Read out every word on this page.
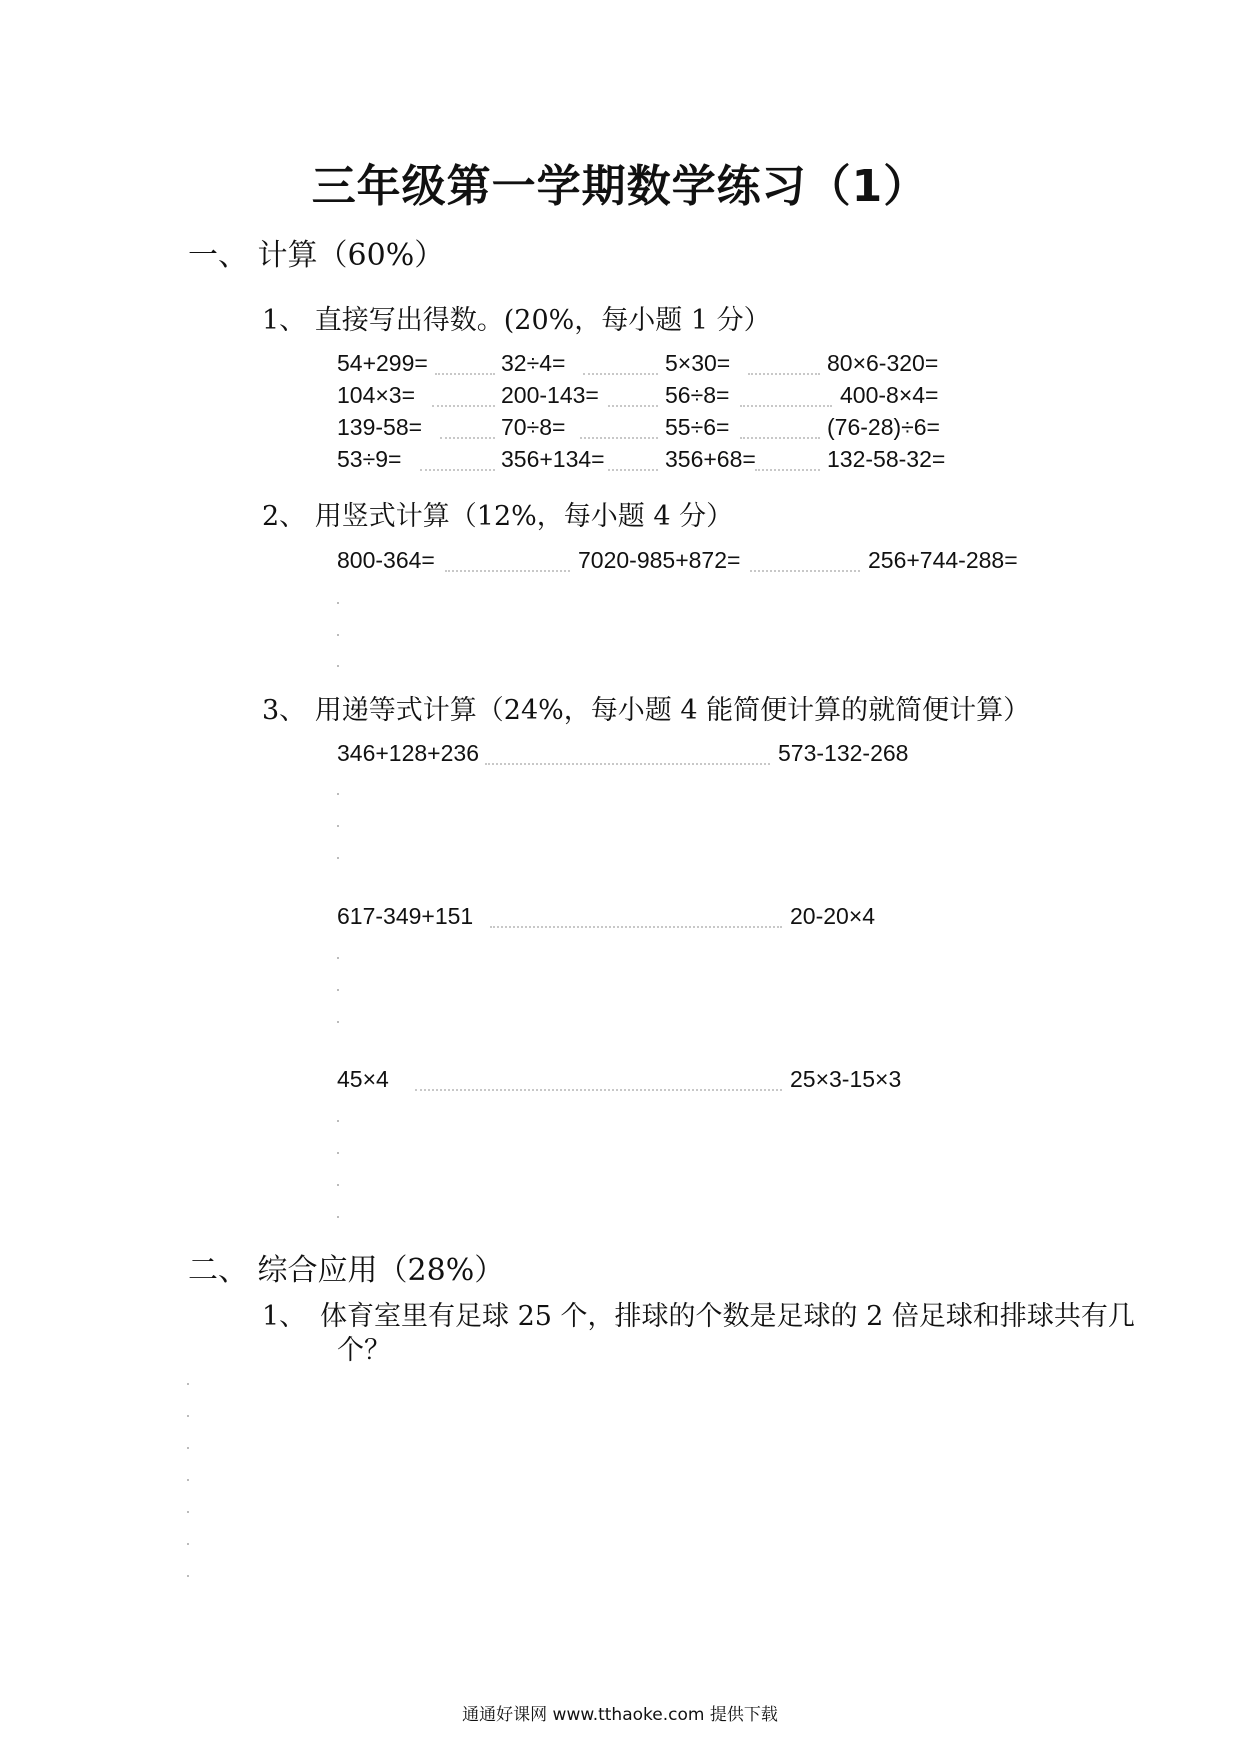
三年级第一学期数学练习（1）
一、 计算（60%）
1、 直接写出得数。(20%，每小题 1 分）
54+299=	32÷4=	5×30=	80×6-320=
104×3=	200-143=	56÷8=	400-8×4=
139-58=	70÷8=	55÷6=	(76-28)÷6=
53÷9=	356+134=	356+68=	132-58-32=
2、 用竖式计算（12%，每小题 4 分）
800-364=	7020-985+872=	256+744-288=
3、 用递等式计算（24%，每小题 4 能简便计算的就简便计算）
346+128+236	573-132-268
617-349+151	20-20×4
45×4	25×3-15×3
二、 综合应用（28%）
1、 体育室里有足球 25 个，排球的个数是足球的 2 倍足球和排球共有几
个？
通通好课网 www.tthaoke.com 提供下载
